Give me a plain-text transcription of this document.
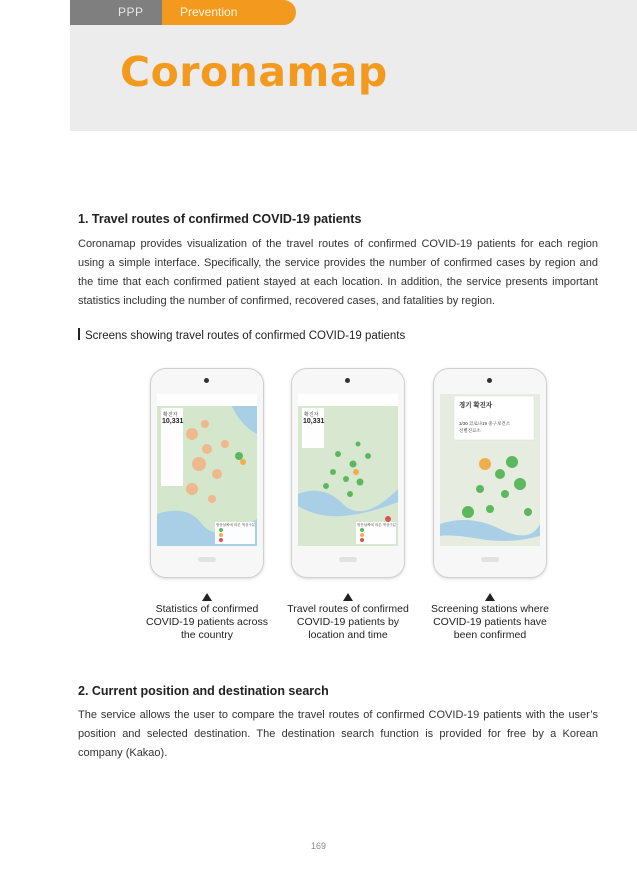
PPP	Prevention
Coronamap
1. Travel routes of confirmed COVID-19 patients

Coronamap provides visualization of the travel routes of confirmed COVID-19 patients for each region using a simple interface. Specifically, the service provides the number of confirmed cases by region and the time that each confirmed patient stayed at each location. In addition, the service presents important statistics including the number of confirmed, recovered cases, and fatalities by region.

Screens showing travel routes of confirmed COVID-19 patients
확진자
10,331
방문날짜에 따른 색상구분
확진자
10,331
방문날짜에 따른 색상구분
경기 확진자
3/30 코로나19 중구보건소
선별진료소
Statistics of confirmed
COVID-19 patients across
the country
Travel routes of confirmed
COVID-19 patients by
location and time
Screening stations where
COVID-19 patients have
been confirmed
2. Current position and destination search

The service allows the user to compare the travel routes of confirmed COVID-19 patients with the user’s position and selected destination. The destination search function is provided for free by a Korean company (Kakao).

169
